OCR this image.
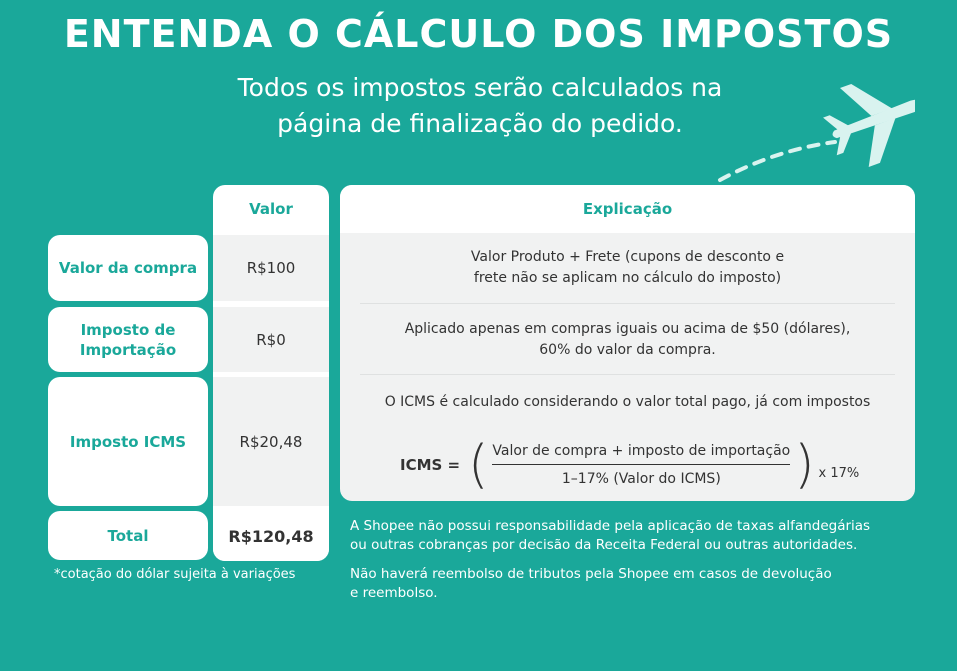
ENTENDA O CÁLCULO DOS IMPOSTOS
Todos os impostos serão calculados na
página de finalização do pedido.
Valor da compra
Imposto de
Importação
Imposto ICMS
Total
Valor
R$100
R$0
R$20,48
R$120,48
Explicação
Valor Produto + Frete (cupons de desconto e
frete não se aplicam no cálculo do imposto)
Aplicado apenas em compras iguais ou acima de $50 (dólares),
60% do valor da compra.
O ICMS é calculado considerando o valor total pago, já com impostos
ICMS = ( $\frac{\text{Valor de compra + imposto de importação}}{\text{1–17\% (Valor do ICMS)}}$ ) x 17%
*cotação do dólar sujeita à variações
A Shopee não possui responsabilidade pela aplicação de taxas alfandegárias
ou outras cobranças por decisão da Receita Federal ou outras autoridades.
Não haverá reembolso de tributos pela Shopee em casos de devolução
e reembolso.
